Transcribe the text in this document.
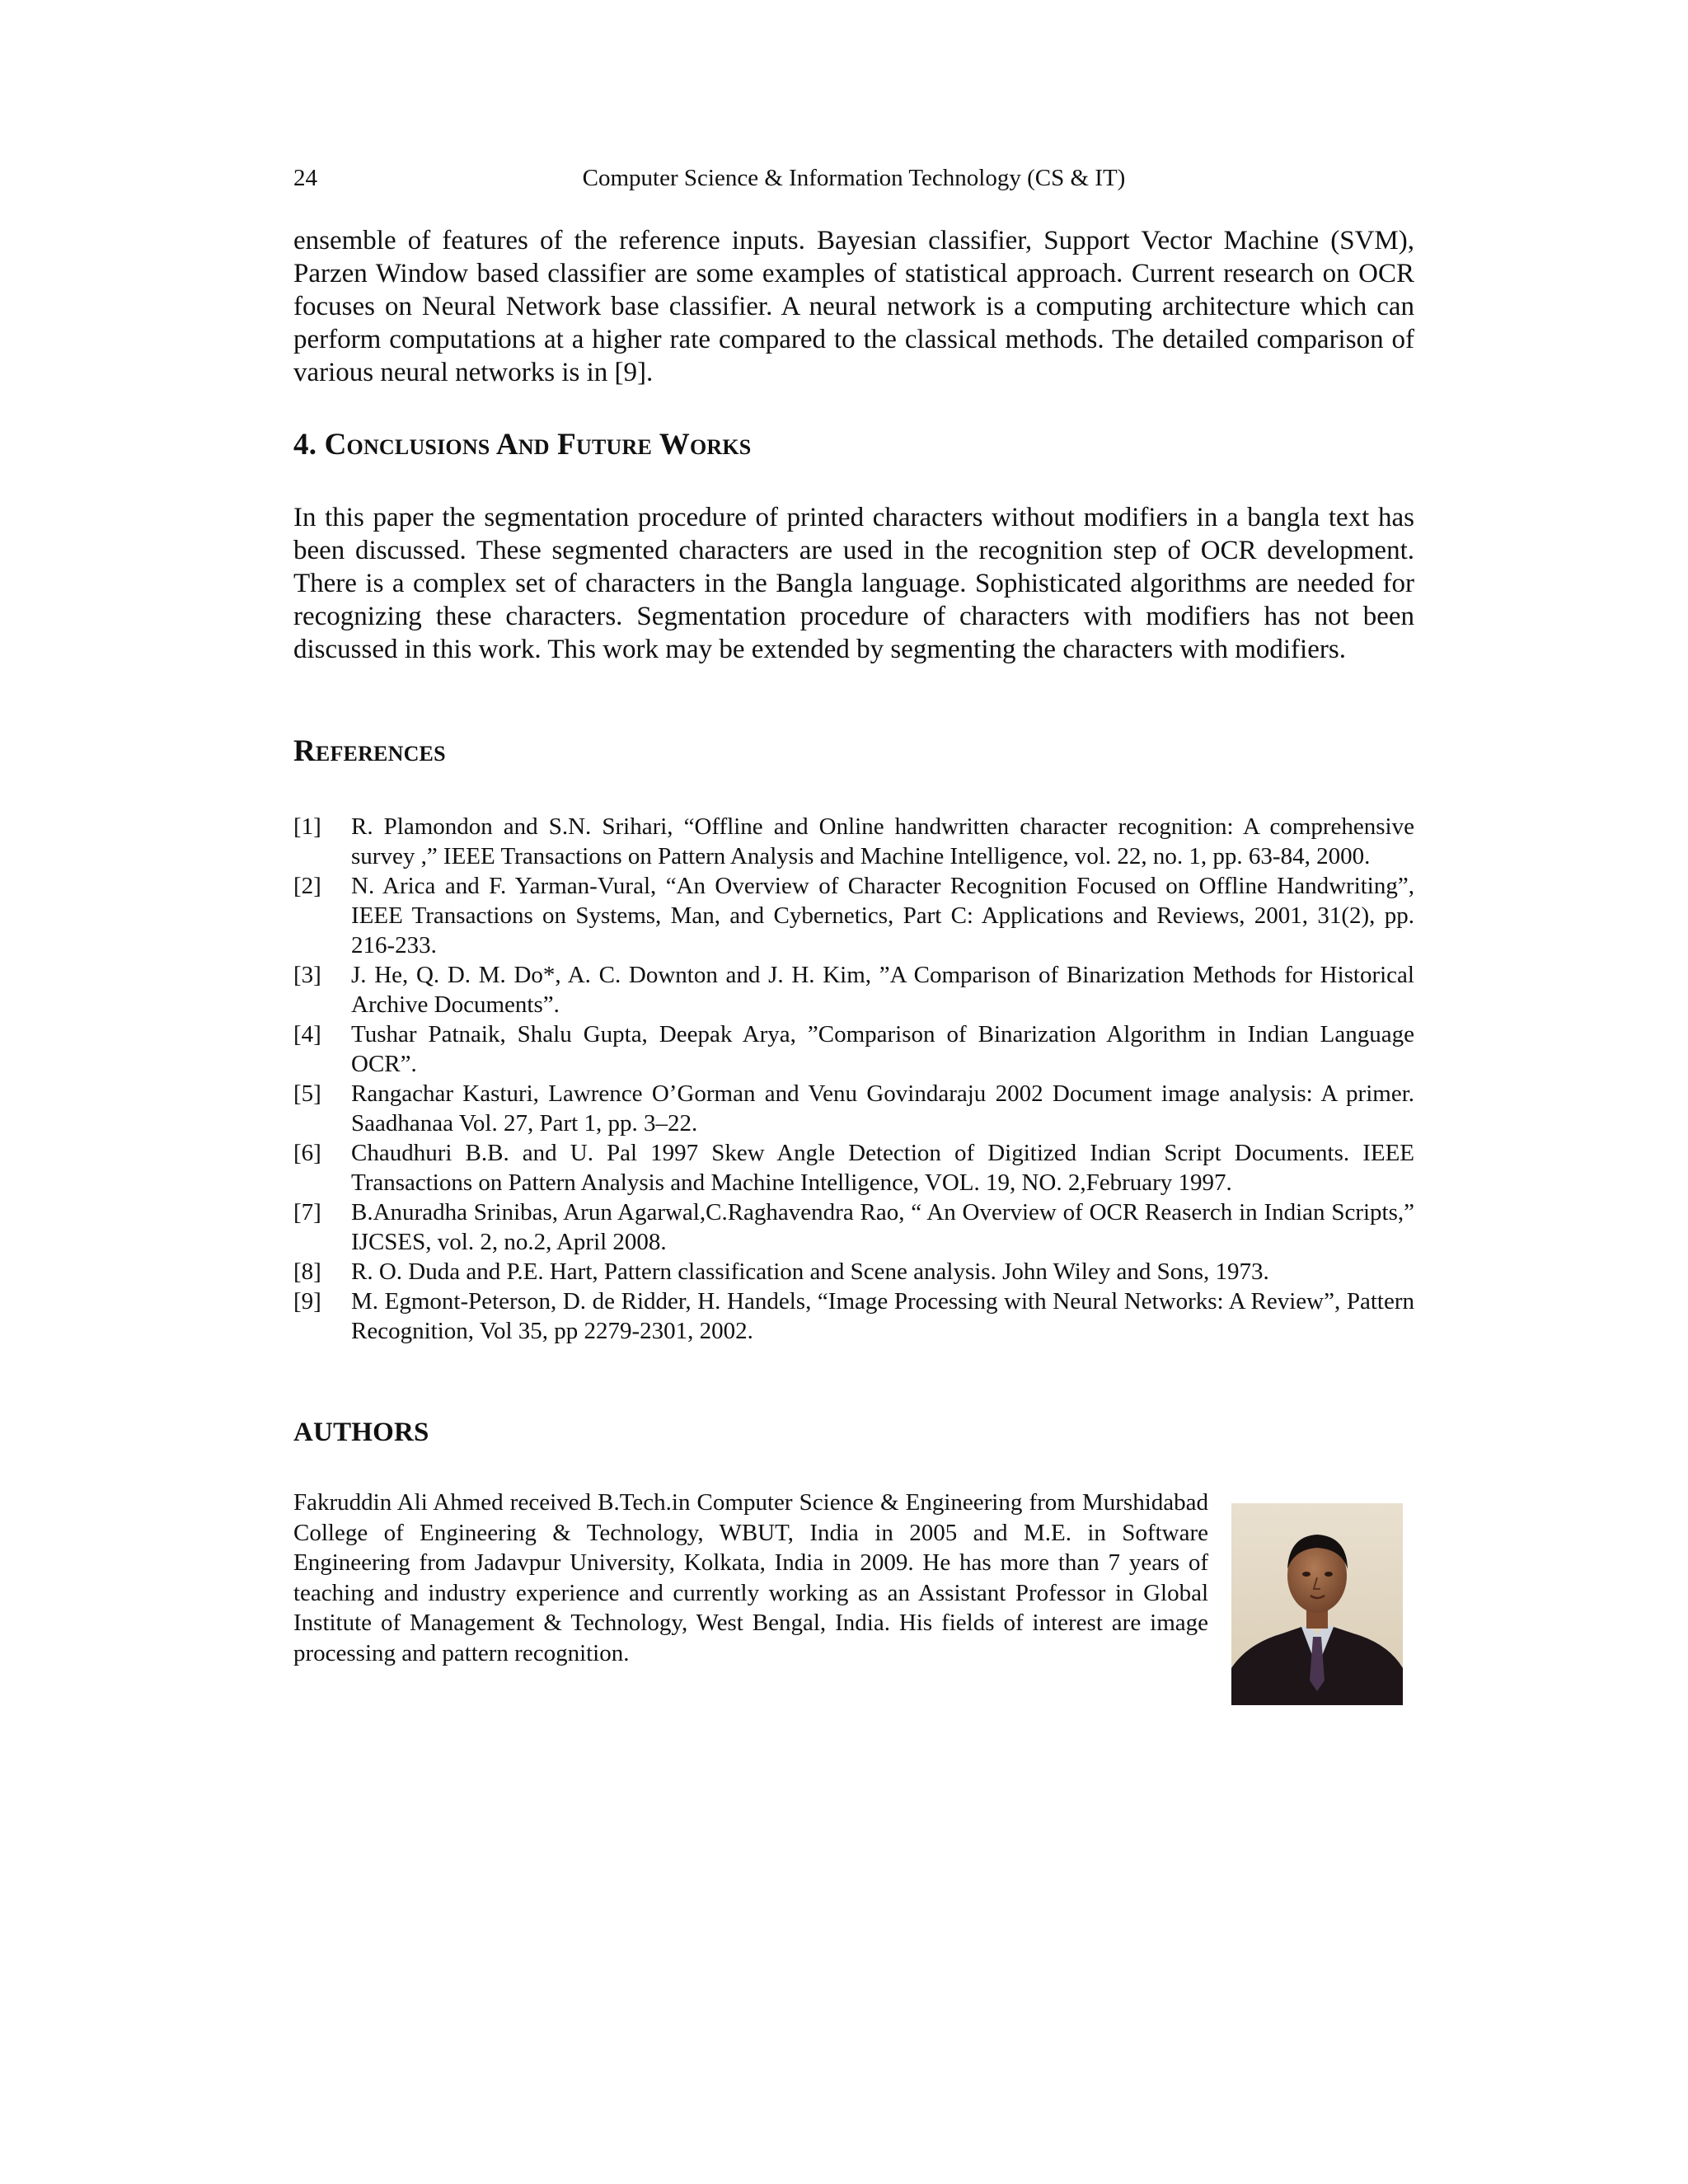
24	Computer Science & Information Technology (CS & IT)

ensemble of features of the reference inputs. Bayesian classifier, Support Vector Machine (SVM), Parzen Window based classifier are some examples of statistical approach. Current research on OCR focuses on Neural Network base classifier. A neural network is a computing architecture which can perform computations at a higher rate compared to the classical methods. The detailed comparison of various neural networks is in [9].

4. Conclusions And Future Works

In this paper the segmentation procedure of printed characters without modifiers in a bangla text has been discussed. These segmented characters are used in the recognition step of OCR development. There is a complex set of characters in the Bangla language. Sophisticated algorithms are needed for recognizing these characters. Segmentation procedure of characters with modifiers has not been discussed in this work. This work may be extended by segmenting the characters with modifiers.

References
[1] R. Plamondon and S.N. Srihari, “Offline and Online handwritten character recognition: A comprehensive survey ,” IEEE Transactions on Pattern Analysis and Machine Intelligence, vol. 22, no. 1, pp. 63-84, 2000.
[2] N. Arica and F. Yarman-Vural, “An Overview of Character Recognition Focused on Offline Handwriting”, IEEE Transactions on Systems, Man, and Cybernetics, Part C: Applications and Reviews, 2001, 31(2), pp. 216-233.
[3] J. He, Q. D. M. Do*, A. C. Downton and J. H. Kim, ”A Comparison of Binarization Methods for Historical Archive Documents”.
[4] Tushar Patnaik, Shalu Gupta, Deepak Arya, ”Comparison of Binarization Algorithm in Indian Language OCR”.
[5] Rangachar Kasturi, Lawrence O’Gorman and Venu Govindaraju 2002 Document image analysis: A primer. Saadhanaa Vol. 27, Part 1, pp. 3–22.
[6] Chaudhuri B.B. and U. Pal 1997 Skew Angle Detection of Digitized Indian Script Documents. IEEE Transactions on Pattern Analysis and Machine Intelligence, VOL. 19, NO. 2,February 1997.
[7] B.Anuradha Srinibas, Arun Agarwal,C.Raghavendra Rao, “ An Overview of OCR Reaserch in Indian Scripts,” IJCSES, vol. 2, no.2, April 2008.
[8] R. O. Duda and P.E. Hart, Pattern classification and Scene analysis. John Wiley and Sons, 1973.
[9] M. Egmont-Peterson, D. de Ridder, H. Handels, “Image Processing with Neural Networks: A Review”, Pattern Recognition, Vol 35, pp 2279-2301, 2002.
AUTHORS

Fakruddin Ali Ahmed received B.Tech.in Computer Science & Engineering from Murshidabad College of Engineering & Technology, WBUT, India in 2005 and M.E. in Software Engineering from Jadavpur University, Kolkata, India in 2009. He has more than 7 years of teaching and industry experience and currently working as an Assistant Professor in Global Institute of Management & Technology, West Bengal, India. His fields of interest are image processing and pattern recognition.
